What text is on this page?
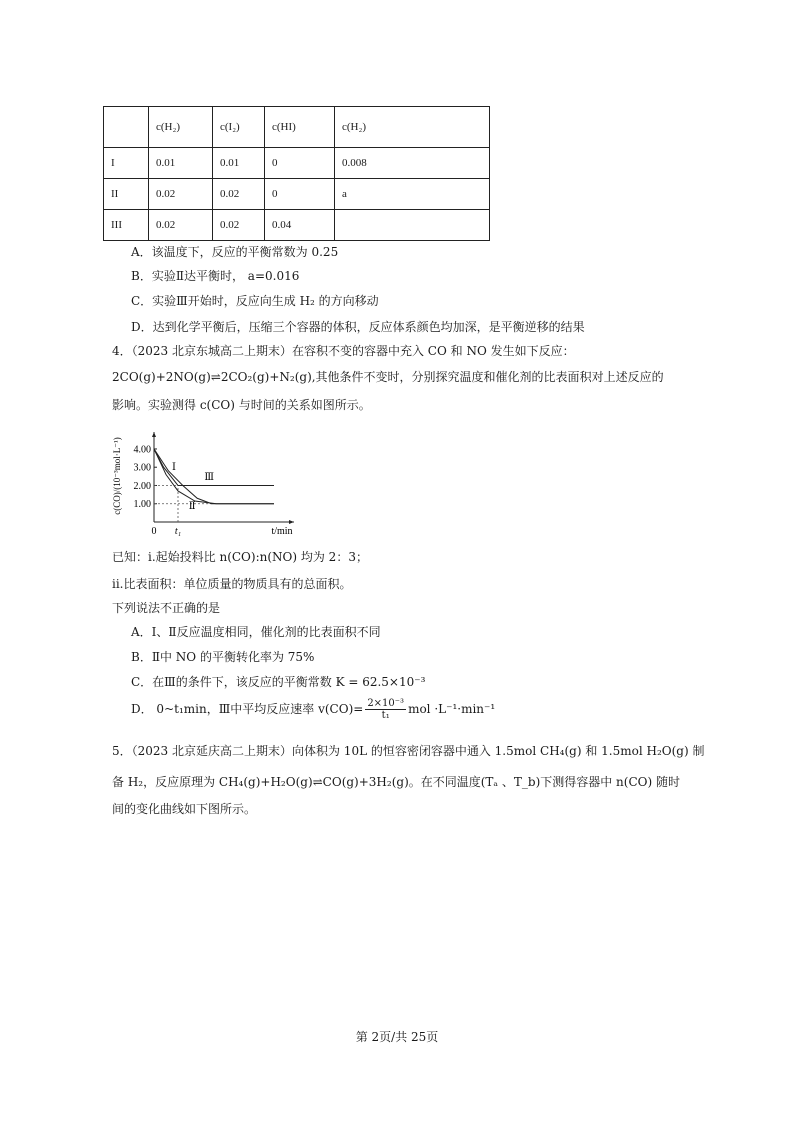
	c(H₂)	c(I₂)	c(HI)	c(H₂)
I	0.01	0.01	0	0.008
II	0.02	0.02	0	a
III	0.02	0.02	0.04	
A．该温度下，反应的平衡常数为 0.25
B．实验Ⅱ达平衡时， a=0.016
C．实验Ⅲ开始时，反应向生成 H₂ 的方向移动
D．达到化学平衡后，压缩三个容器的体积，反应体系颜色均加深，是平衡逆移的结果
4．（2023 北京东城高二上期末）在容积不变的容器中充入 CO 和 NO 发生如下反应：
2CO(g)+2NO(g)⇌2CO₂(g)+N₂(g),其他条件不变时，分别探究温度和催化剂的比表面积对上述反应的
影响。实验测得 c(CO) 与时间的关系如图所示。
4.00
3.00
2.00
1.00
0 t₁	t/min
c(CO)/(10⁻³mol·L⁻¹)	Ⅰ
Ⅱ
Ⅲ
已知：i.起始投料比 n(CO):n(NO) 均为 2：3；
ii.比表面积：单位质量的物质具有的总面积。
下列说法不正确的是
A．Ⅰ、Ⅱ反应温度相同，催化剂的比表面积不同
B．Ⅱ中 NO 的平衡转化率为 75%
C．在Ⅲ的条件下，该反应的平衡常数 K = 62.5×10⁻³
D． 0~t₁min，Ⅲ中平均反应速率 $v(CO)= \frac{\text{2×10⁻³}}{\text{t₁}}$ mol ·L⁻¹·min⁻¹
5．（2023 北京延庆高二上期末）向体积为 10L 的恒容密闭容器中通入 1.5mol CH₄(g) 和 1.5mol H₂O(g) 制
备 H₂，反应原理为 CH₄(g)+H₂O(g)⇌CO(g)+3H₂(g)。在不同温度(Tₐ 、T_b)下测得容器中 n(CO) 随时
间的变化曲线如下图所示。
第 2页/共 25页
